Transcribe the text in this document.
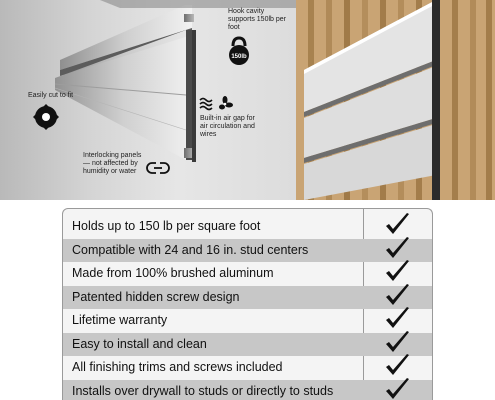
Hook cavity supports 150lb per foot
150lb
Easily cut to fit
Built-in air gap for air circulation and wires
Interlocking panels — not affected by humidity or water
Holds up to 150 lb per square foot
Compatible with 24 and 16 in. stud centers
Made from 100% brushed aluminum
Patented hidden screw design
Lifetime warranty
Easy to install and clean
All finishing trims and screws included
Installs over drywall to studs or directly to studs
